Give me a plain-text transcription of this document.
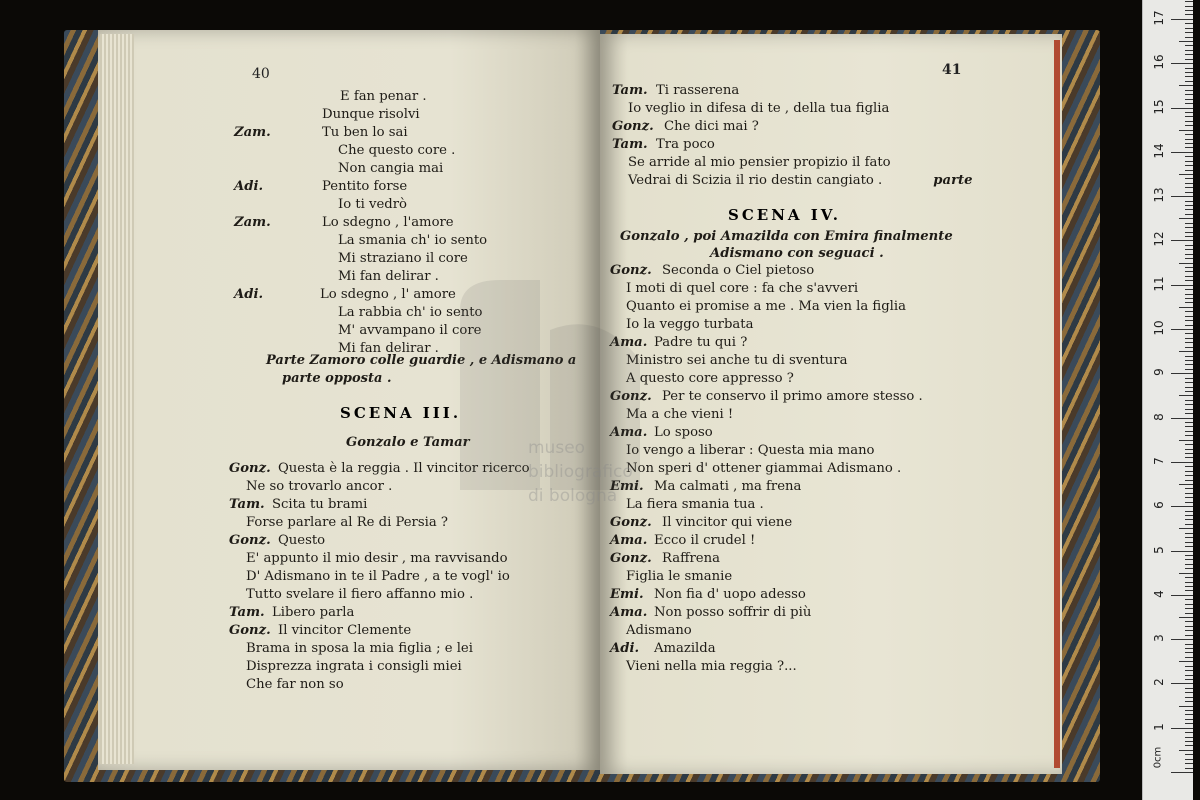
E fan penar .
Dunque risolvi
Zam.	Tu ben lo sai
Che questo core .
Non cangia mai
Adi.	Pentito forse
Io ti vedrò
Zam.	Lo sdegno , l'amore
La smania ch' io sento
Mi straziano il core
Mi fan delirar .
Adi.	Lo sdegno , l' amore
La rabbia ch' io sento
M' avvampano il core
Mi fan delirar .
Gonz. Questa è la reggia . Il vincitor ricerco
Ne so trovarlo ancor .
Tam. Scita tu brami
Forse parlare al Re di Persia ?
Gonz. Questo
E' appunto il mio desir , ma ravvisando
D' Adismano in te il Padre , a te vogl' io
Tutto svelare il fiero affanno mio .
Tam. Libero parla
Gonz. Il vincitor Clemente
Brama in sposa la mia figlia ; e lei
Disprezza ingrata i consigli miei
Che far non so
Tam. Ti rasserena
Io veglio in difesa di te , della tua figlia
Gonz. Che dici mai ?
Tam. Tra poco
Se arride al mio pensier propizio il fato
Vedrai di Scizia il rio destin cangiato .	parte
Gonz. Seconda o Ciel pietoso
I moti di quel core : fa che s'avveri
Quanto ei promise a me . Ma vien la figlia
Io la veggo turbata
Ama. Padre tu qui ?
Ministro sei anche tu di sventura
A questo core appresso ?
Gonz. Per te conservo il primo amore stesso .
Ma a che vieni !
Ama. Lo sposo
Io vengo a liberar : Questa mia mano
Non speri d' ottener giammai Adismano .
Emi. Ma calmati , ma frena
La fiera smania tua .
Gonz. Il vincitor qui viene
Ama. Ecco il crudel !
Gonz. Raffrena
Figlia le smanie
Emi. Non fia d' uopo adesso
Ama. Non posso soffrir di più
Adismano
Adi. Amazilda
Vieni nella mia reggia ?...
40	41
Parte Zamoro colle guardie , e Adismano a
parte opposta .
SCENA III.
Gonzalo e Tamar
SCENA IV.
Gonzalo , poi Amazilda con Emira finalmente
Adismano con seguaci .
museo
bibliografico
di bologna
0cm
1
2
3
4
5
6
7
8
9
10
11
12
13
14
15
16
17
